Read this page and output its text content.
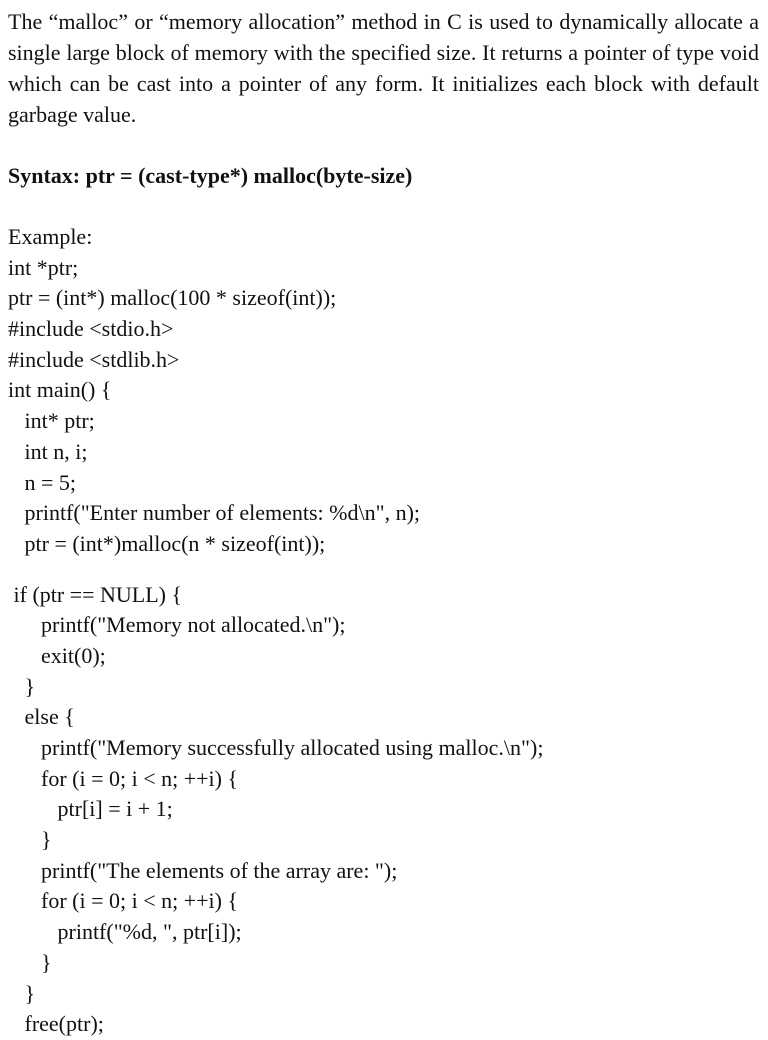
The “malloc” or “memory allocation” method in C is used to dynamically allocate a single large block of memory with the specified size. It returns a pointer of type void which can be cast into a pointer of any form. It initializes each block with default garbage value.

Syntax: ptr = (cast-type*) malloc(byte-size)
Example:
int *ptr;
ptr = (int*) malloc(100 * sizeof(int));
#include <stdio.h>
#include <stdlib.h>
int main() {
int* ptr;
int n, i;
n = 5;
printf("Enter number of elements: %d\n", n);
ptr = (int*)malloc(n * sizeof(int));
if (ptr == NULL) {
printf("Memory not allocated.\n");
exit(0);
}
else {
printf("Memory successfully allocated using malloc.\n");
for (i = 0; i < n; ++i) {
ptr[i] = i + 1;
}
printf("The elements of the array are: ");
for (i = 0; i < n; ++i) {
printf("%d, ", ptr[i]);
}
}
free(ptr);
